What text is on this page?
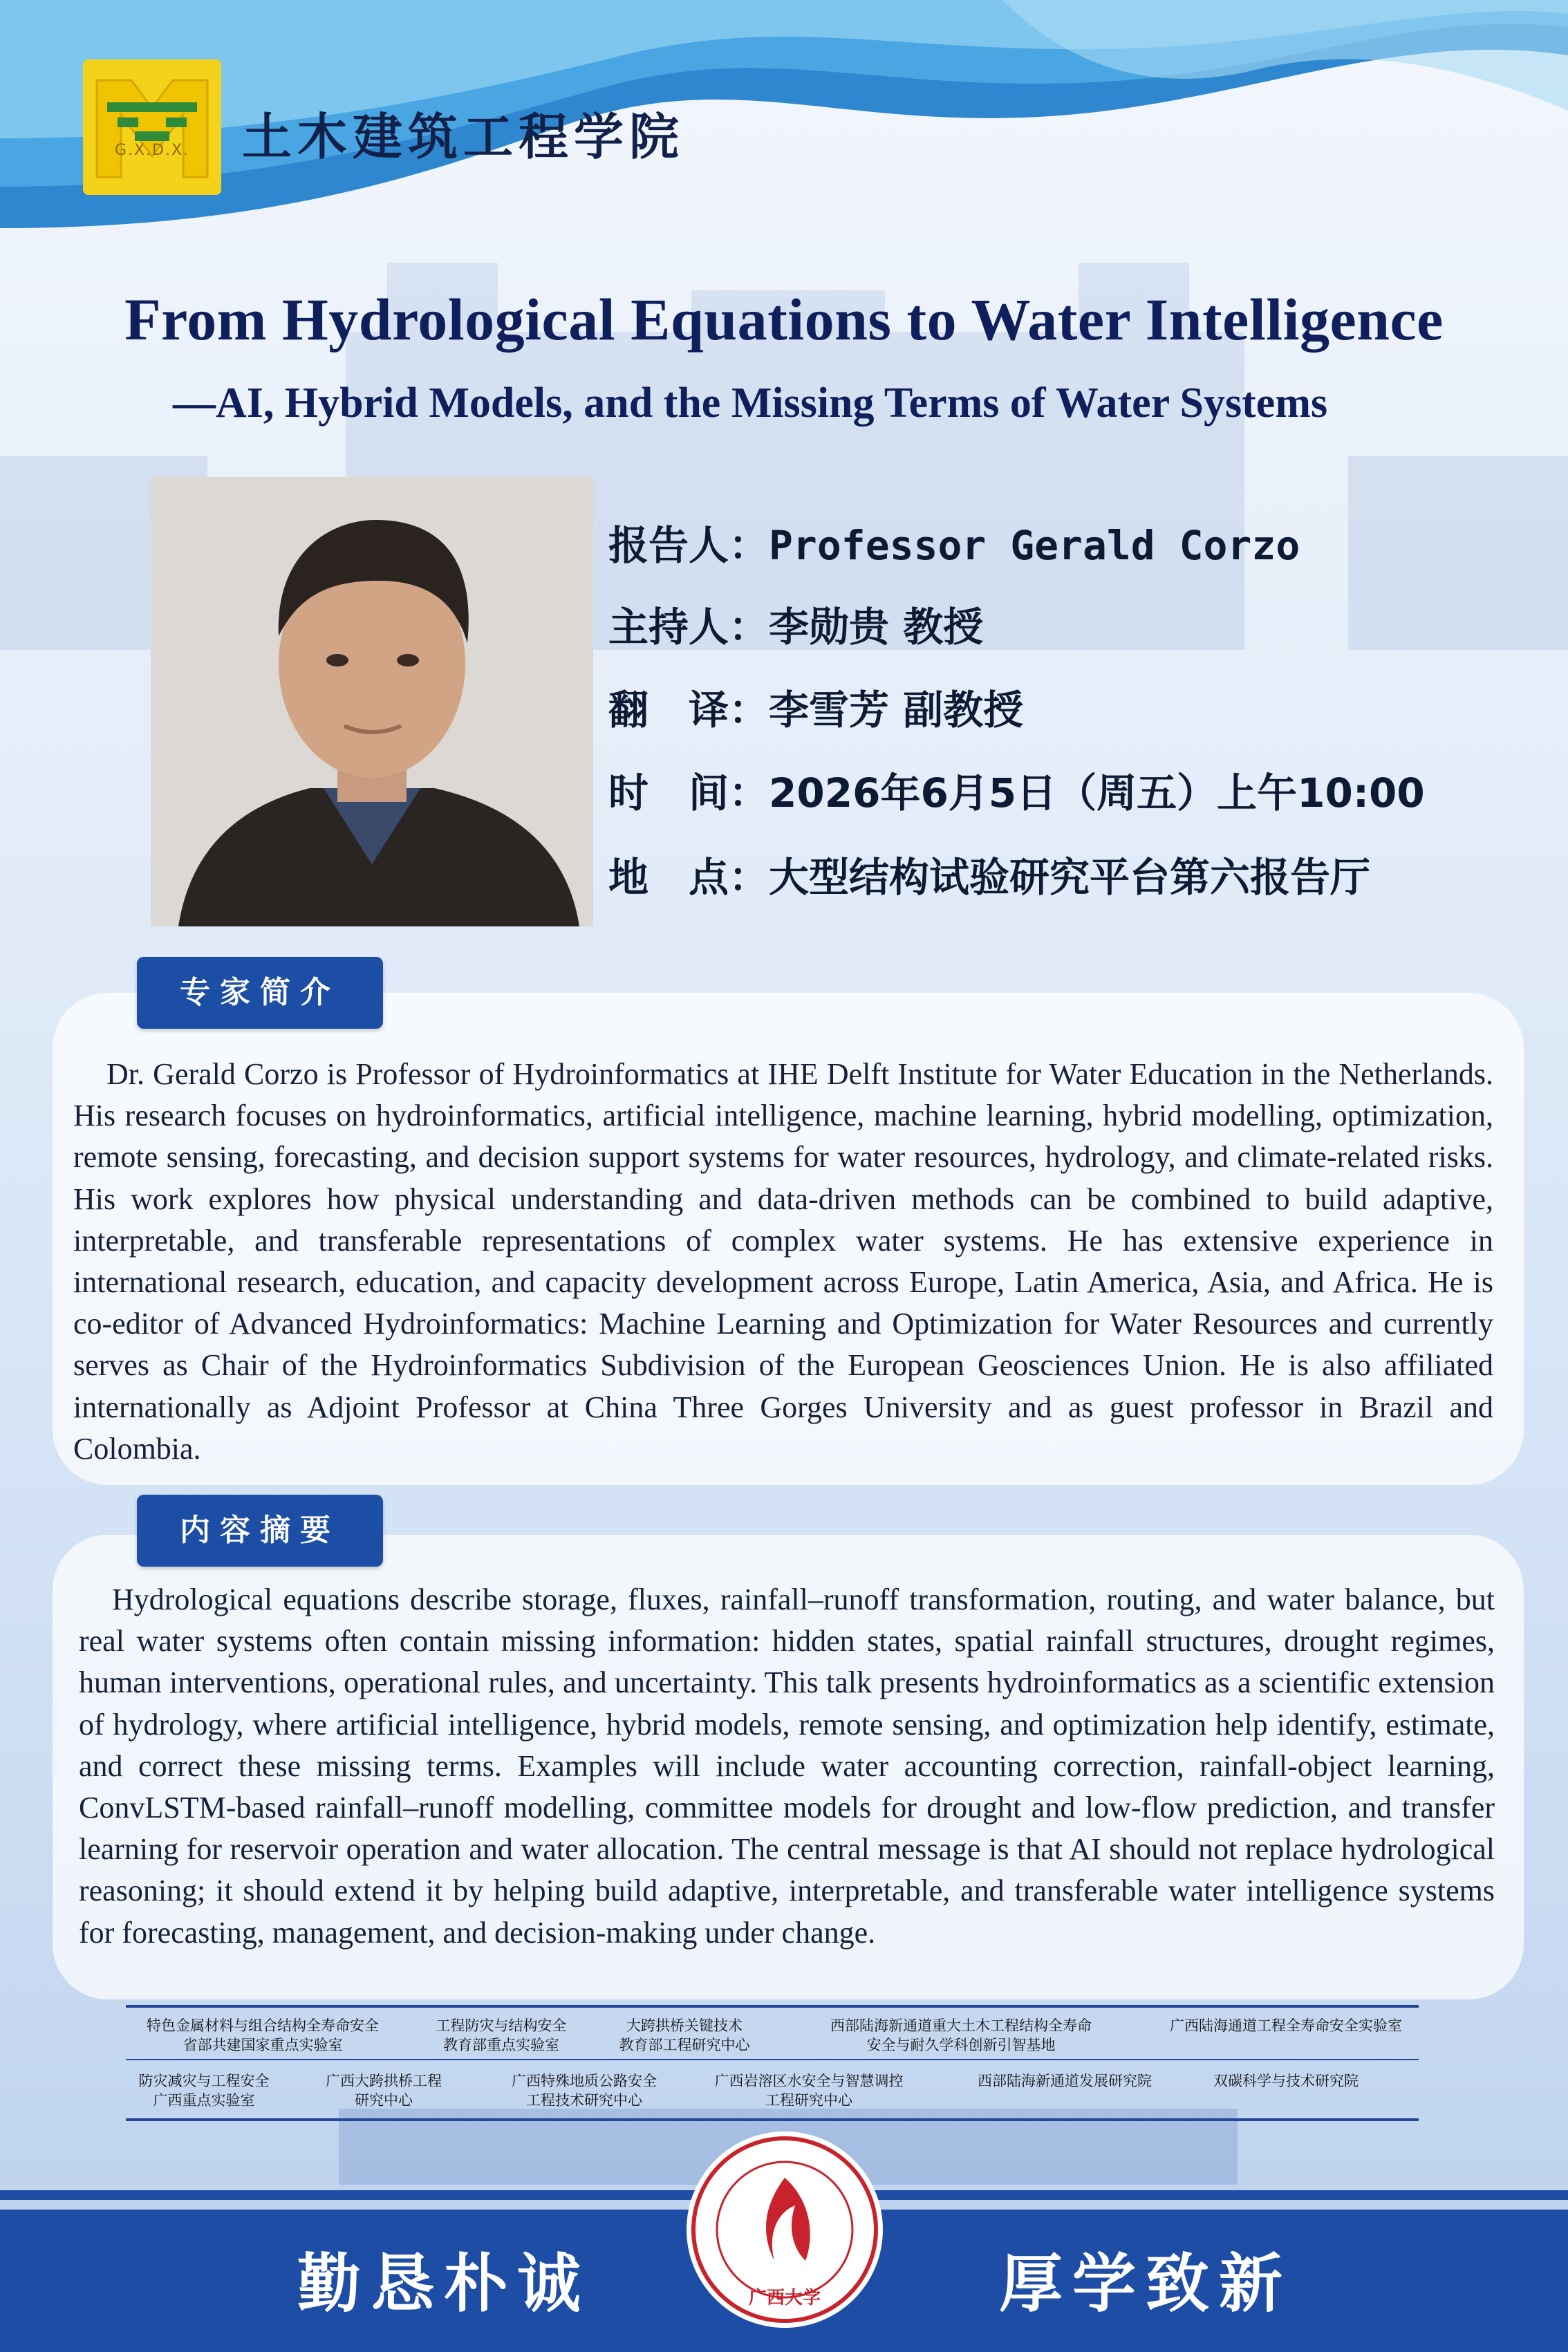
G.X.D.X.	土木建筑工程学院
From Hydrological Equations to Water Intelligence
—AI, Hybrid Models, and the Missing Terms of Water Systems
报告人：Professor Gerald Corzo
主持人：李勋贵 教授
翻　译：李雪芳 副教授
时　间：2026年6月5日（周五）上午10:00
地　点：大型结构试验研究平台第六报告厅
专家简介
Dr. Gerald Corzo is Professor of Hydroinformatics at IHE Delft Institute for Water Education in the Netherlands. His research focuses on hydroinformatics, artificial intelligence, machine learning, hybrid modelling, optimization, remote sensing, forecasting, and decision support systems for water resources, hydrology, and climate-related risks. His work explores how physical understanding and data-driven methods can be combined to build adaptive, interpretable, and transferable representations of complex water systems. He has extensive experience in international research, education, and capacity development across Europe, Latin America, Asia, and Africa. He is co-editor of Advanced Hydroinformatics: Machine Learning and Optimization for Water Resources and currently serves as Chair of the Hydroinformatics Subdivision of the European Geosciences Union. He is also affiliated internationally as Adjoint Professor at China Three Gorges University and as guest professor in Brazil and Colombia.
内容摘要
Hydrological equations describe storage, fluxes, rainfall–runoff transformation, routing, and water balance, but real water systems often contain missing information: hidden states, spatial rainfall structures, drought regimes, human interventions, operational rules, and uncertainty. This talk presents hydroinformatics as a scientific extension of hydrology, where artificial intelligence, hybrid models, remote sensing, and optimization help identify, estimate, and correct these missing terms. Examples will include water accounting correction, rainfall-object learning, ConvLSTM-based rainfall–runoff modelling, committee models for drought and low-flow prediction, and transfer learning for reservoir operation and water allocation. The central message is that AI should not replace hydrological reasoning; it should extend it by helping build adaptive, interpretable, and transferable water intelligence systems for forecasting, management, and decision-making under change.
特色金属材料与组合结构全寿命安全
省部共建国家重点实验室
工程防灾与结构安全
教育部重点实验室
大跨拱桥关键技术
教育部工程研究中心
西部陆海新通道重大土木工程结构全寿命
安全与耐久学科创新引智基地
广西陆海通道工程全寿命安全实验室
防灾减灾与工程安全
广西重点实验室
广西大跨拱桥工程
研究中心
广西特殊地质公路安全
工程技术研究中心
广西岩溶区水安全与智慧调控
工程研究中心
西部陆海新通道发展研究院	双碳科学与技术研究院
勤恳朴诚	厚学致新
广西大学
